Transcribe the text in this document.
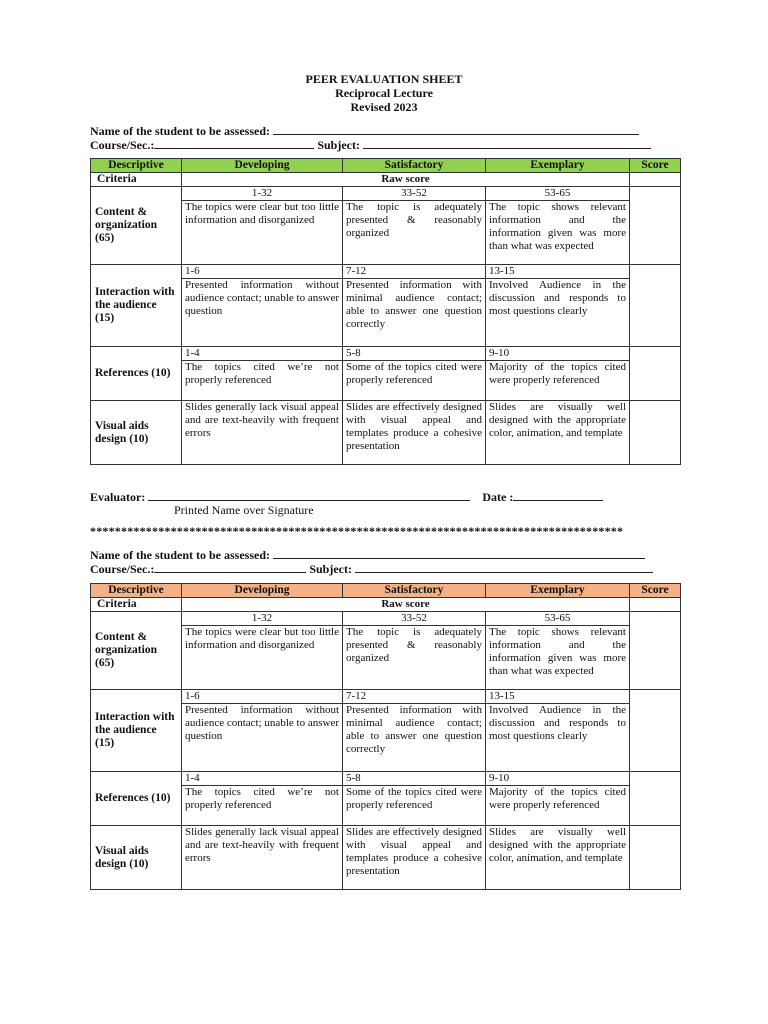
PEER EVALUATION SHEET
Reciprocal Lecture
Revised 2023
Name of the student to be assessed:
Course/Sec.:	Subject:
Descriptive	Developing	Satisfactory	Exemplary	Score
Criteria	Raw score			
Content & organization (65)	1-32	33-52	53-65	
	The topics were clear but too little information and disorganized	The topic is adequately presented & reasonably organized	The topic shows relevant information and the information given was more than what was expected	
Interaction with the audience (15)	1-6	7-12	13-15	
	Presented information without audience contact; unable to answer question	Presented information with minimal audience contact; able to answer one question correctly	Involved Audience in the discussion and responds to most questions clearly	
References (10)	1-4	5-8	9-10	
	The topics cited we’re not properly referenced	Some of the topics cited were properly referenced	Majority of the topics cited were properly referenced	
Visual aids design (10)	Slides generally lack visual appeal and are text-heavily with frequent errors	Slides are effectively designed with visual appeal and templates produce a cohesive presentation	Slides are visually well designed with the appropriate color, animation, and template	
Evaluator:	Date :
Printed Name over Signature
**************************************************************************************
Name of the student to be assessed:
Course/Sec.:	Subject:
Descriptive	Developing	Satisfactory	Exemplary	Score
Criteria	Raw score			
Content & organization (65)	1-32	33-52	53-65	
	The topics were clear but too little information and disorganized	The topic is adequately presented & reasonably organized	The topic shows relevant information and the information given was more than what was expected	
Interaction with the audience (15)	1-6	7-12	13-15	
	Presented information without audience contact; unable to answer question	Presented information with minimal audience contact; able to answer one question correctly	Involved Audience in the discussion and responds to most questions clearly	
References (10)	1-4	5-8	9-10	
	The topics cited we’re not properly referenced	Some of the topics cited were properly referenced	Majority of the topics cited were properly referenced	
Visual aids design (10)	Slides generally lack visual appeal and are text-heavily with frequent errors	Slides are effectively designed with visual appeal and templates produce a cohesive presentation	Slides are visually well designed with the appropriate color, animation, and template	
